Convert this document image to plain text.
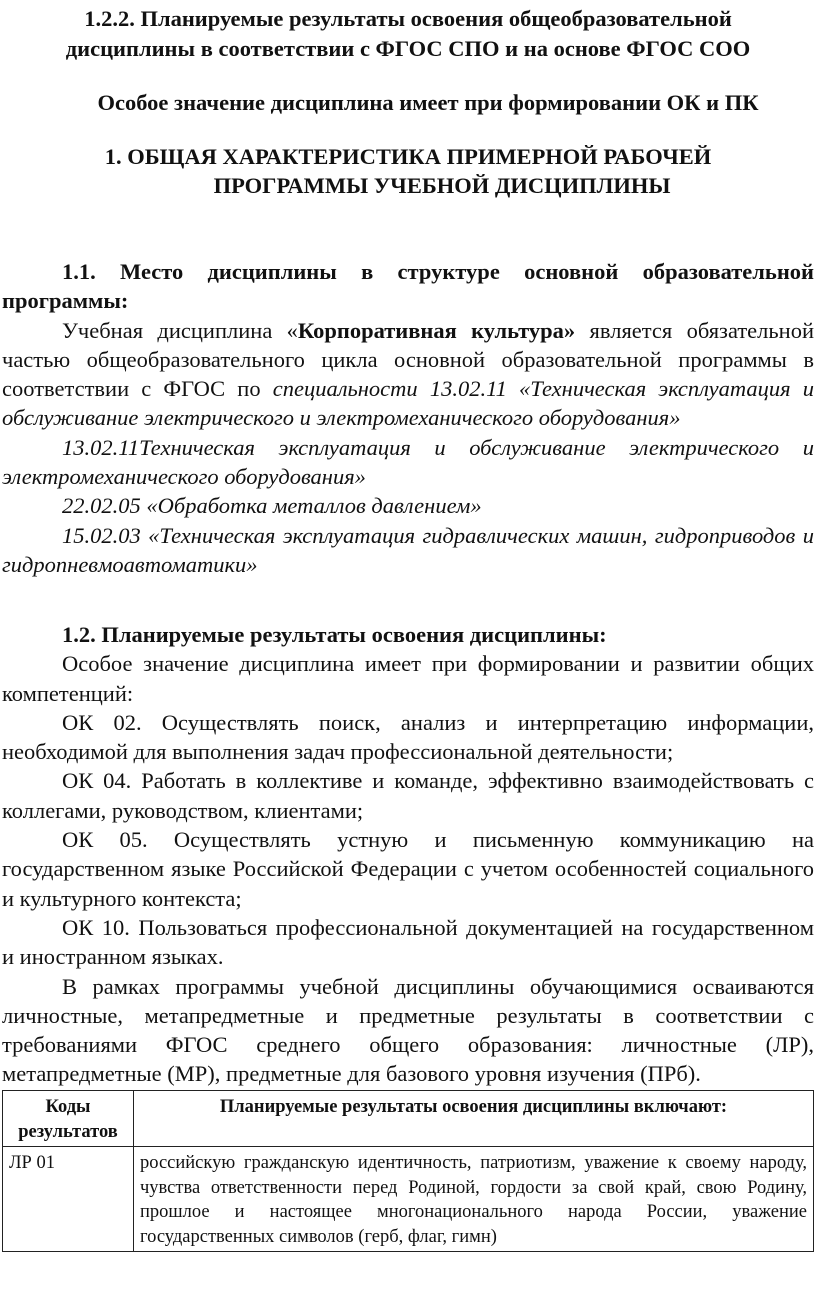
1.2.2. Планируемые результаты освоения общеобразовательной
дисциплины в соответствии с ФГОС СПО и на основе ФГОС СОО
Особое значение дисциплина имеет при формировании ОК и ПК
1. ОБЩАЯ ХАРАКТЕРИСТИКА ПРИМЕРНОЙ РАБОЧЕЙ
ПРОГРАММЫ УЧЕБНОЙ ДИСЦИПЛИНЫ

1.1. Место дисциплины в структуре основной образовательной программы:

Учебная дисциплина «Корпоративная культура» является обязательной частью общеобразовательного цикла основной образовательной программы в соответствии с ФГОС по специальности 13.02.11 «Техническая эксплуатация и обслуживание электрического и электромеханического оборудования»

13.02.11Техническая эксплуатация и обслуживание электрического и электромеханического оборудования»

22.02.05 «Обработка металлов давлением»

15.02.03 «Техническая эксплуатация гидравлических машин, гидроприводов и гидропневмоавтоматики»

1.2. Планируемые результаты освоения дисциплины:

Особое значение дисциплина имеет при формировании и развитии общих компетенций:

ОК 02. Осуществлять поиск, анализ и интерпретацию информации, необходимой для выполнения задач профессиональной деятельности;

ОК 04. Работать в коллективе и команде, эффективно взаимодействовать с коллегами, руководством, клиентами;

ОК 05. Осуществлять устную и письменную коммуникацию на государственном языке Российской Федерации с учетом особенностей социального и культурного контекста;

ОК 10. Пользоваться профессиональной документацией на государственном и иностранном языках.

В рамках программы учебной дисциплины обучающимися осваиваются личностные, метапредметные и предметные результаты в соответствии с требованиями ФГОС среднего общего образования: личностные (ЛР), метапредметные (МР), предметные для базового уровня изучения (ПРб).

Коды результатов	Планируемые результаты освоения дисциплины включают:
ЛР 01	российскую гражданскую идентичность, патриотизм, уважение к своему народу, чувства ответственности перед Родиной, гордости за свой край, свою Родину, прошлое и настоящее многонационального народа России, уважение государственных символов (герб, флаг, гимн)
